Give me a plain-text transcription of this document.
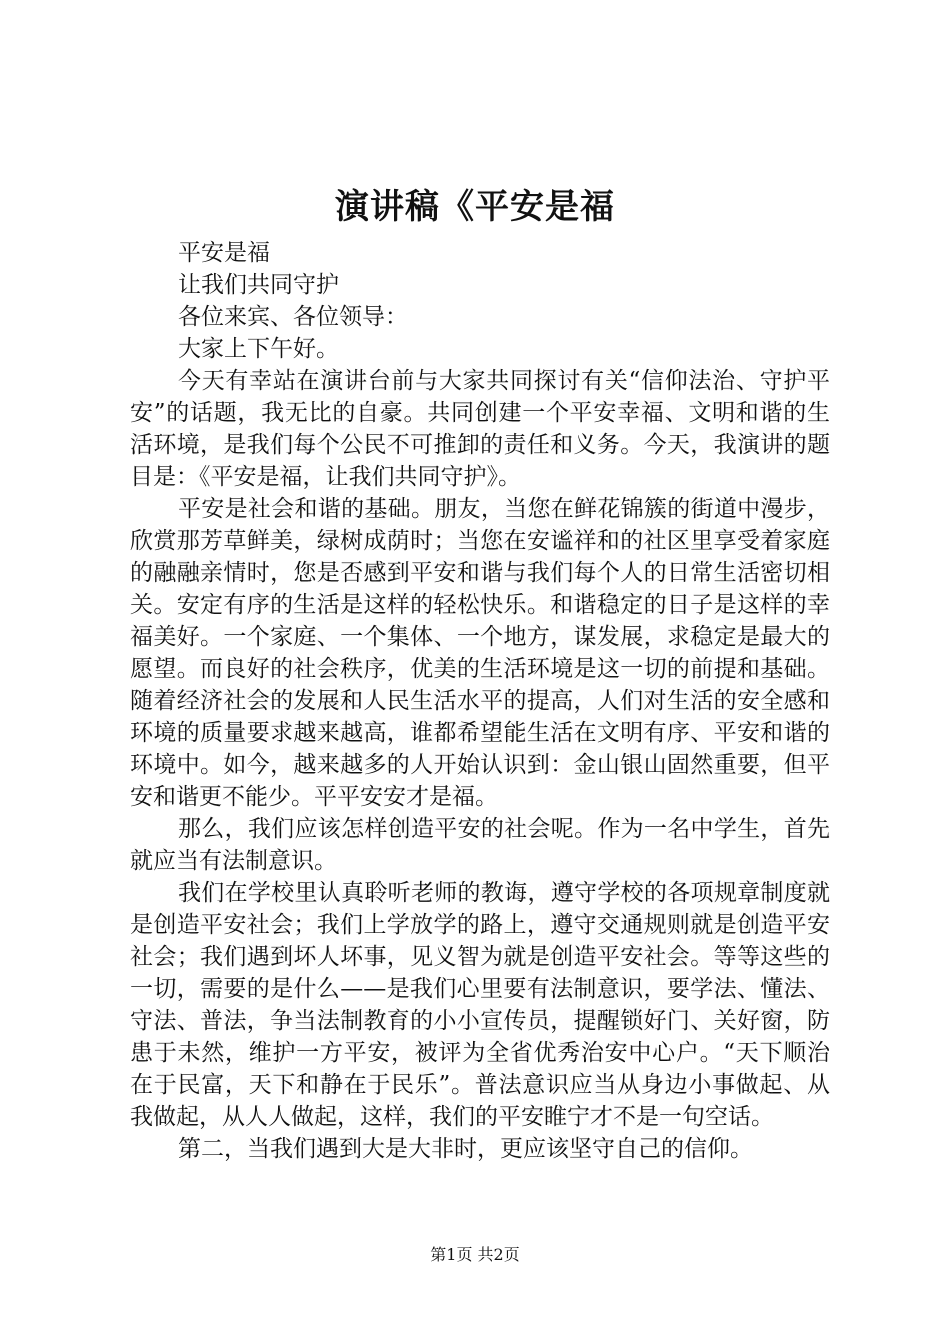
演讲稿《平安是福

平安是福

让我们共同守护

各位来宾、各位领导：

大家上下午好。

今天有幸站在演讲台前与大家共同探讨有关“信仰法治、守护平安”的话题，我无比的自豪。共同创建一个平安幸福、文明和谐的生活环境，是我们每个公民不可推卸的责任和义务。今天，我演讲的题目是：《平安是福，让我们共同守护》。

平安是社会和谐的基础。朋友，当您在鲜花锦簇的街道中漫步，欣赏那芳草鲜美，绿树成荫时；当您在安谧祥和的社区里享受着家庭的融融亲情时，您是否感到平安和谐与我们每个人的日常生活密切相关。安定有序的生活是这样的轻松快乐。和谐稳定的日子是这样的幸福美好。一个家庭、一个集体、一个地方，谋发展，求稳定是最大的愿望。而良好的社会秩序，优美的生活环境是这一切的前提和基础。随着经济社会的发展和人民生活水平的提高，人们对生活的安全感和环境的质量要求越来越高，谁都希望能生活在文明有序、平安和谐的环境中。如今，越来越多的人开始认识到：金山银山固然重要，但平安和谐更不能少。平平安安才是福。

那么，我们应该怎样创造平安的社会呢。作为一名中学生，首先就应当有法制意识。

我们在学校里认真聆听老师的教诲，遵守学校的各项规章制度就是创造平安社会；我们上学放学的路上，遵守交通规则就是创造平安社会；我们遇到坏人坏事，见义智为就是创造平安社会。等等这些的一切，需要的是什么——是我们心里要有法制意识，要学法、懂法、守法、普法，争当法制教育的小小宣传员，提醒锁好门、关好窗，防患于未然，维护一方平安，被评为全省优秀治安中心户。“天下顺治在于民富，天下和静在于民乐”。普法意识应当从身边小事做起、从我做起，从人人做起，这样，我们的平安睢宁才不是一句空话。

第二，当我们遇到大是大非时，更应该坚守自己的信仰。

第1页 共2页
